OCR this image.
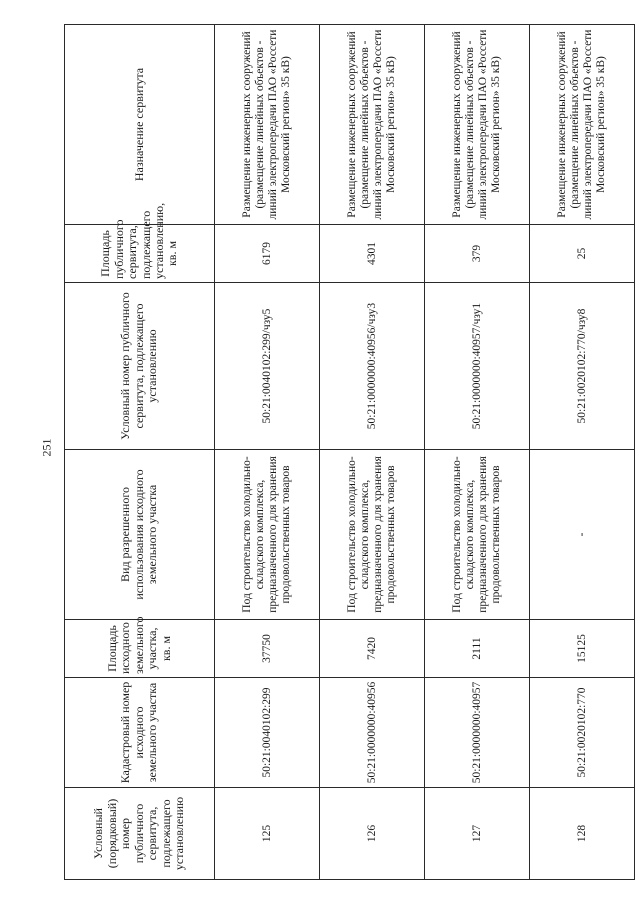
251
Условный (порядковый) номер публичного сервитута, подлежащего установлению	Кадастровый номер исходного земельного участка	Площадь исходного земельного участка, кв. м	Вид разрешенного использования исходного земельного участка	Условный номер публичного сервитута, подлежащего установлению	Площадь публичного сервитута, подлежащего установлению, кв. м	Назначение сервитута
125	50:21:0040102:299	37750	Под строительство холодильно-складского комплекса, предназначенного для хранения продовольственных товаров	50:21:0040102:299/чзу5	6179	Размещение инженерных сооружений (размещение линейных объектов - линий электропередачи ПАО «Россети Московский регион» 35 кВ)
126	50:21:0000000:40956	7420	Под строительство холодильно-складского комплекса, предназначенного для хранения продовольственных товаров	50:21:0000000:40956/чзу3	4301	Размещение инженерных сооружений (размещение линейных объектов - линий электропередачи ПАО «Россети Московский регион» 35 кВ)
127	50:21:0000000:40957	2111	Под строительство холодильно-складского комплекса, предназначенного для хранения продовольственных товаров	50:21:0000000:40957/чзу1	379	Размещение инженерных сооружений (размещение линейных объектов - линий электропередачи ПАО «Россети Московский регион» 35 кВ)
128	50:21:0020102:770	15125	-	50:21:0020102:770/чзу8	25	Размещение инженерных сооружений (размещение линейных объектов - линий электропередачи ПАО «Россети Московский регион» 35 кВ)
